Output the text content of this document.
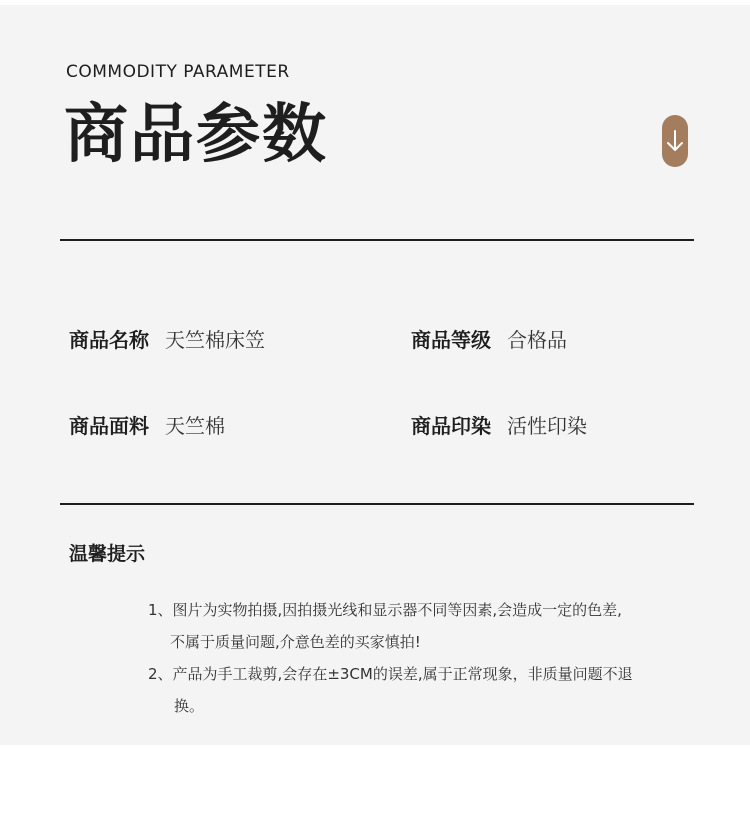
COMMODITY PARAMETER
商品参数
商品名称 天竺棉床笠	商品等级 合格品
商品面料 天竺棉	商品印染 活性印染
温馨提示
1、图片为实物拍摄,因拍摄光线和显示器不同等因素,会造成一定的色差,
不属于质量问题,介意色差的买家慎拍!
2、产品为手工裁剪,会存在±3CM的误差,属于正常现象，非质量问题不退
换。
